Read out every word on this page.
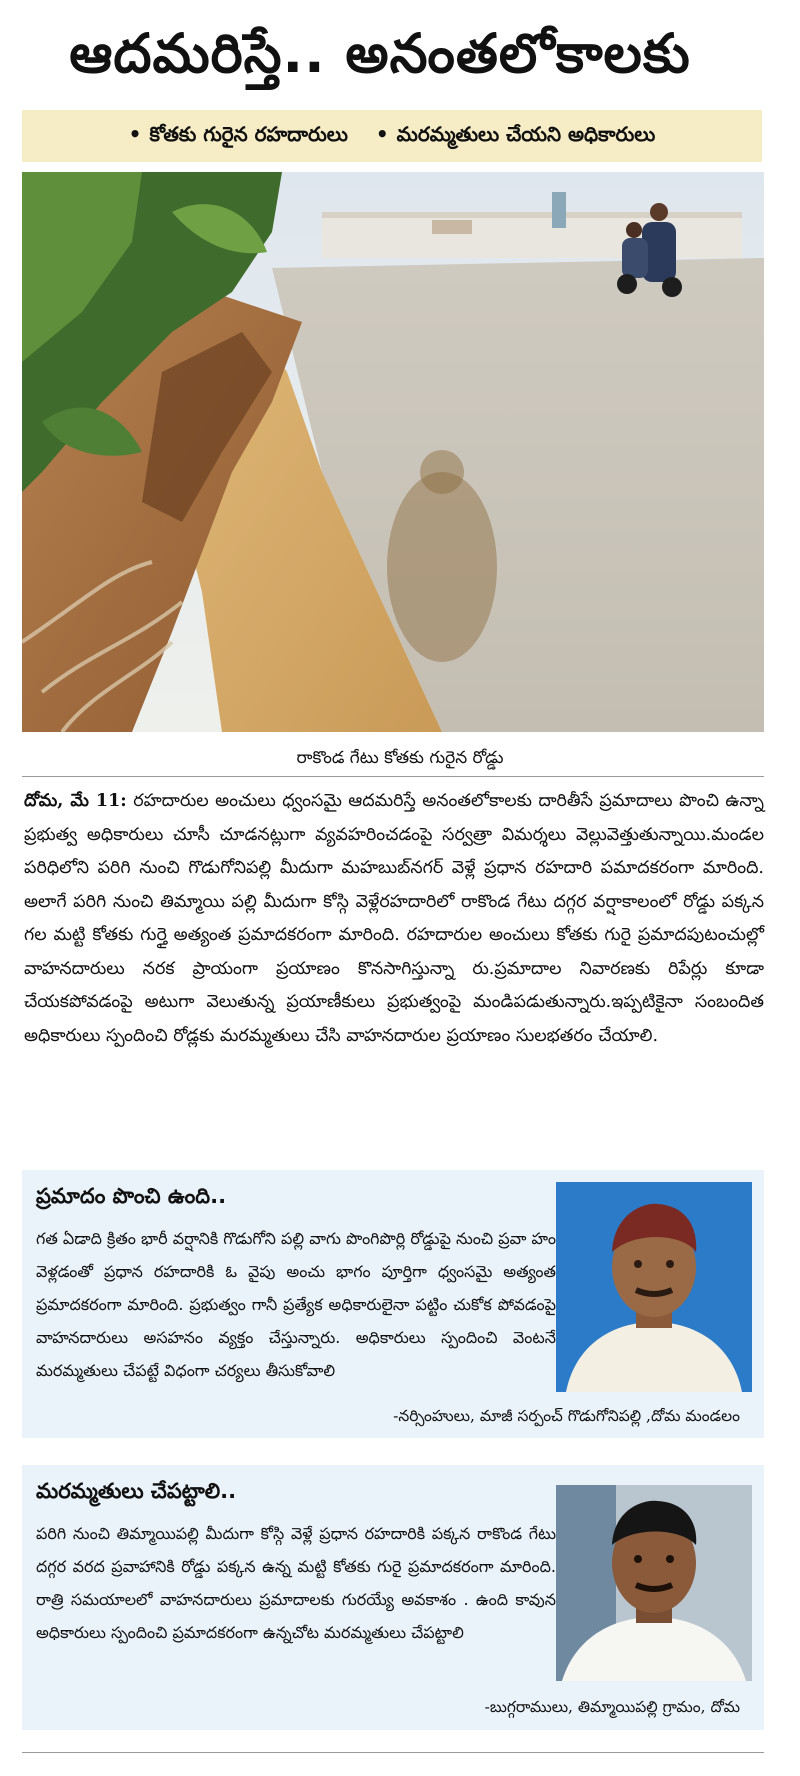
ఆదమరిస్తే.. అనంతలోకాలకు
• కోతకు గురైన రహదారులు
•	మరమ్మతులు చేయని అధికారులు
రాకొండ గేటు కోతకు గురైన రోడ్డు

దోమ, మే 11: రహదారుల అంచులు ధ్వంసమై ఆదమరిస్తే అనంతలోకాలకు దారితీసే ప్రమాదాలు పొంచి ఉన్నా ప్రభుత్వ అధికారులు చూసీ చూడనట్లుగా వ్యవహరించడంపై సర్వత్రా విమర్శలు వెల్లువెత్తుతున్నాయి.మండల పరిధిలోని పరిగి నుంచి గొడుగోనిపల్లి మీదుగా మహబుబ్‌నగర్ వెళ్లే ప్రధాన రహదారి పమాదకరంగా మారింది. అలాగే పరిగి నుంచి తిమ్మాయి పల్లి మీదుగా కోస్గి వెళ్లేరహదారిలో రాకొండ గేటు దగ్గర వర్షాకాలంలో రోడ్డు పక్కన గల మట్టి కోతకు గుర్తై అత్యంత ప్రమాదకరంగా మారింది. రహదారుల అంచులు కోతకు గురై ప్రమాదపుటంచుల్లో వాహనదారులు నరక ప్రాయంగా ప్రయాణం కొనసాగిస్తున్నా రు.ప్రమాదాల నివారణకు రిపేర్లు కూడా చేయకపోవడంపై అటుగా వెలుతున్న ప్రయాణీకులు ప్రభుత్వంపై మండిపడుతున్నారు.ఇప్పటికైనా సంబందిత అధికారులు స్పందించి రోడ్లకు మరమ్మతులు చేసి వాహనదారుల ప్రయాణం సులభతరం చేయాలి.

ప్రమాదం పొంచి ఉంది..

గత ఏడాది క్రితం భారీ వర్షానికి గొడుగోని పల్లి వాగు పొంగిపొర్లి రోడ్డుపై నుంచి ప్రవా హం వెళ్లడంతో ప్రధాన రహదారికి ఓ వైపు అంచు భాగం పూర్తిగా ధ్వంసమై అత్యంత ప్రమాదకరంగా మారింది. ప్రభుత్వం గానీ ప్రత్యేక అధికారులైనా పట్టిం చుకోక పోవడంపై వాహనదారులు అసహనం వ్యక్తం చేస్తున్నారు. అధికారులు స్పందించి వెంటనే మరమ్మతులు చేపట్టే విధంగా చర్యలు తీసుకోవాలి

-నర్సింహులు, మాజీ సర్పంచ్ గొడుగోనిపల్లి ,దోమ మండలం
మరమ్మతులు చేపట్టాలి..

పరిగి నుంచి తిమ్మాయిపల్లి మీదుగా కోస్గి వెళ్లే ప్రధాన రహదారికి పక్కన రాకొండ గేటు దగ్గర వరద ప్రవాహానికి రోడ్డు పక్కన ఉన్న మట్టి కోతకు గురై ప్రమాదకరంగా మారింది. రాత్రి సమయాలలో వాహనదారులు ప్రమాదాలకు గురయ్యే అవకాశం . ఉంది కావున అధికారులు స్పందించి ప్రమాదకరంగా ఉన్నచోట మరమ్మతులు చేపట్టాలి

-బుగ్గరాములు, తిమ్మాయిపల్లి గ్రామం, దోమ
